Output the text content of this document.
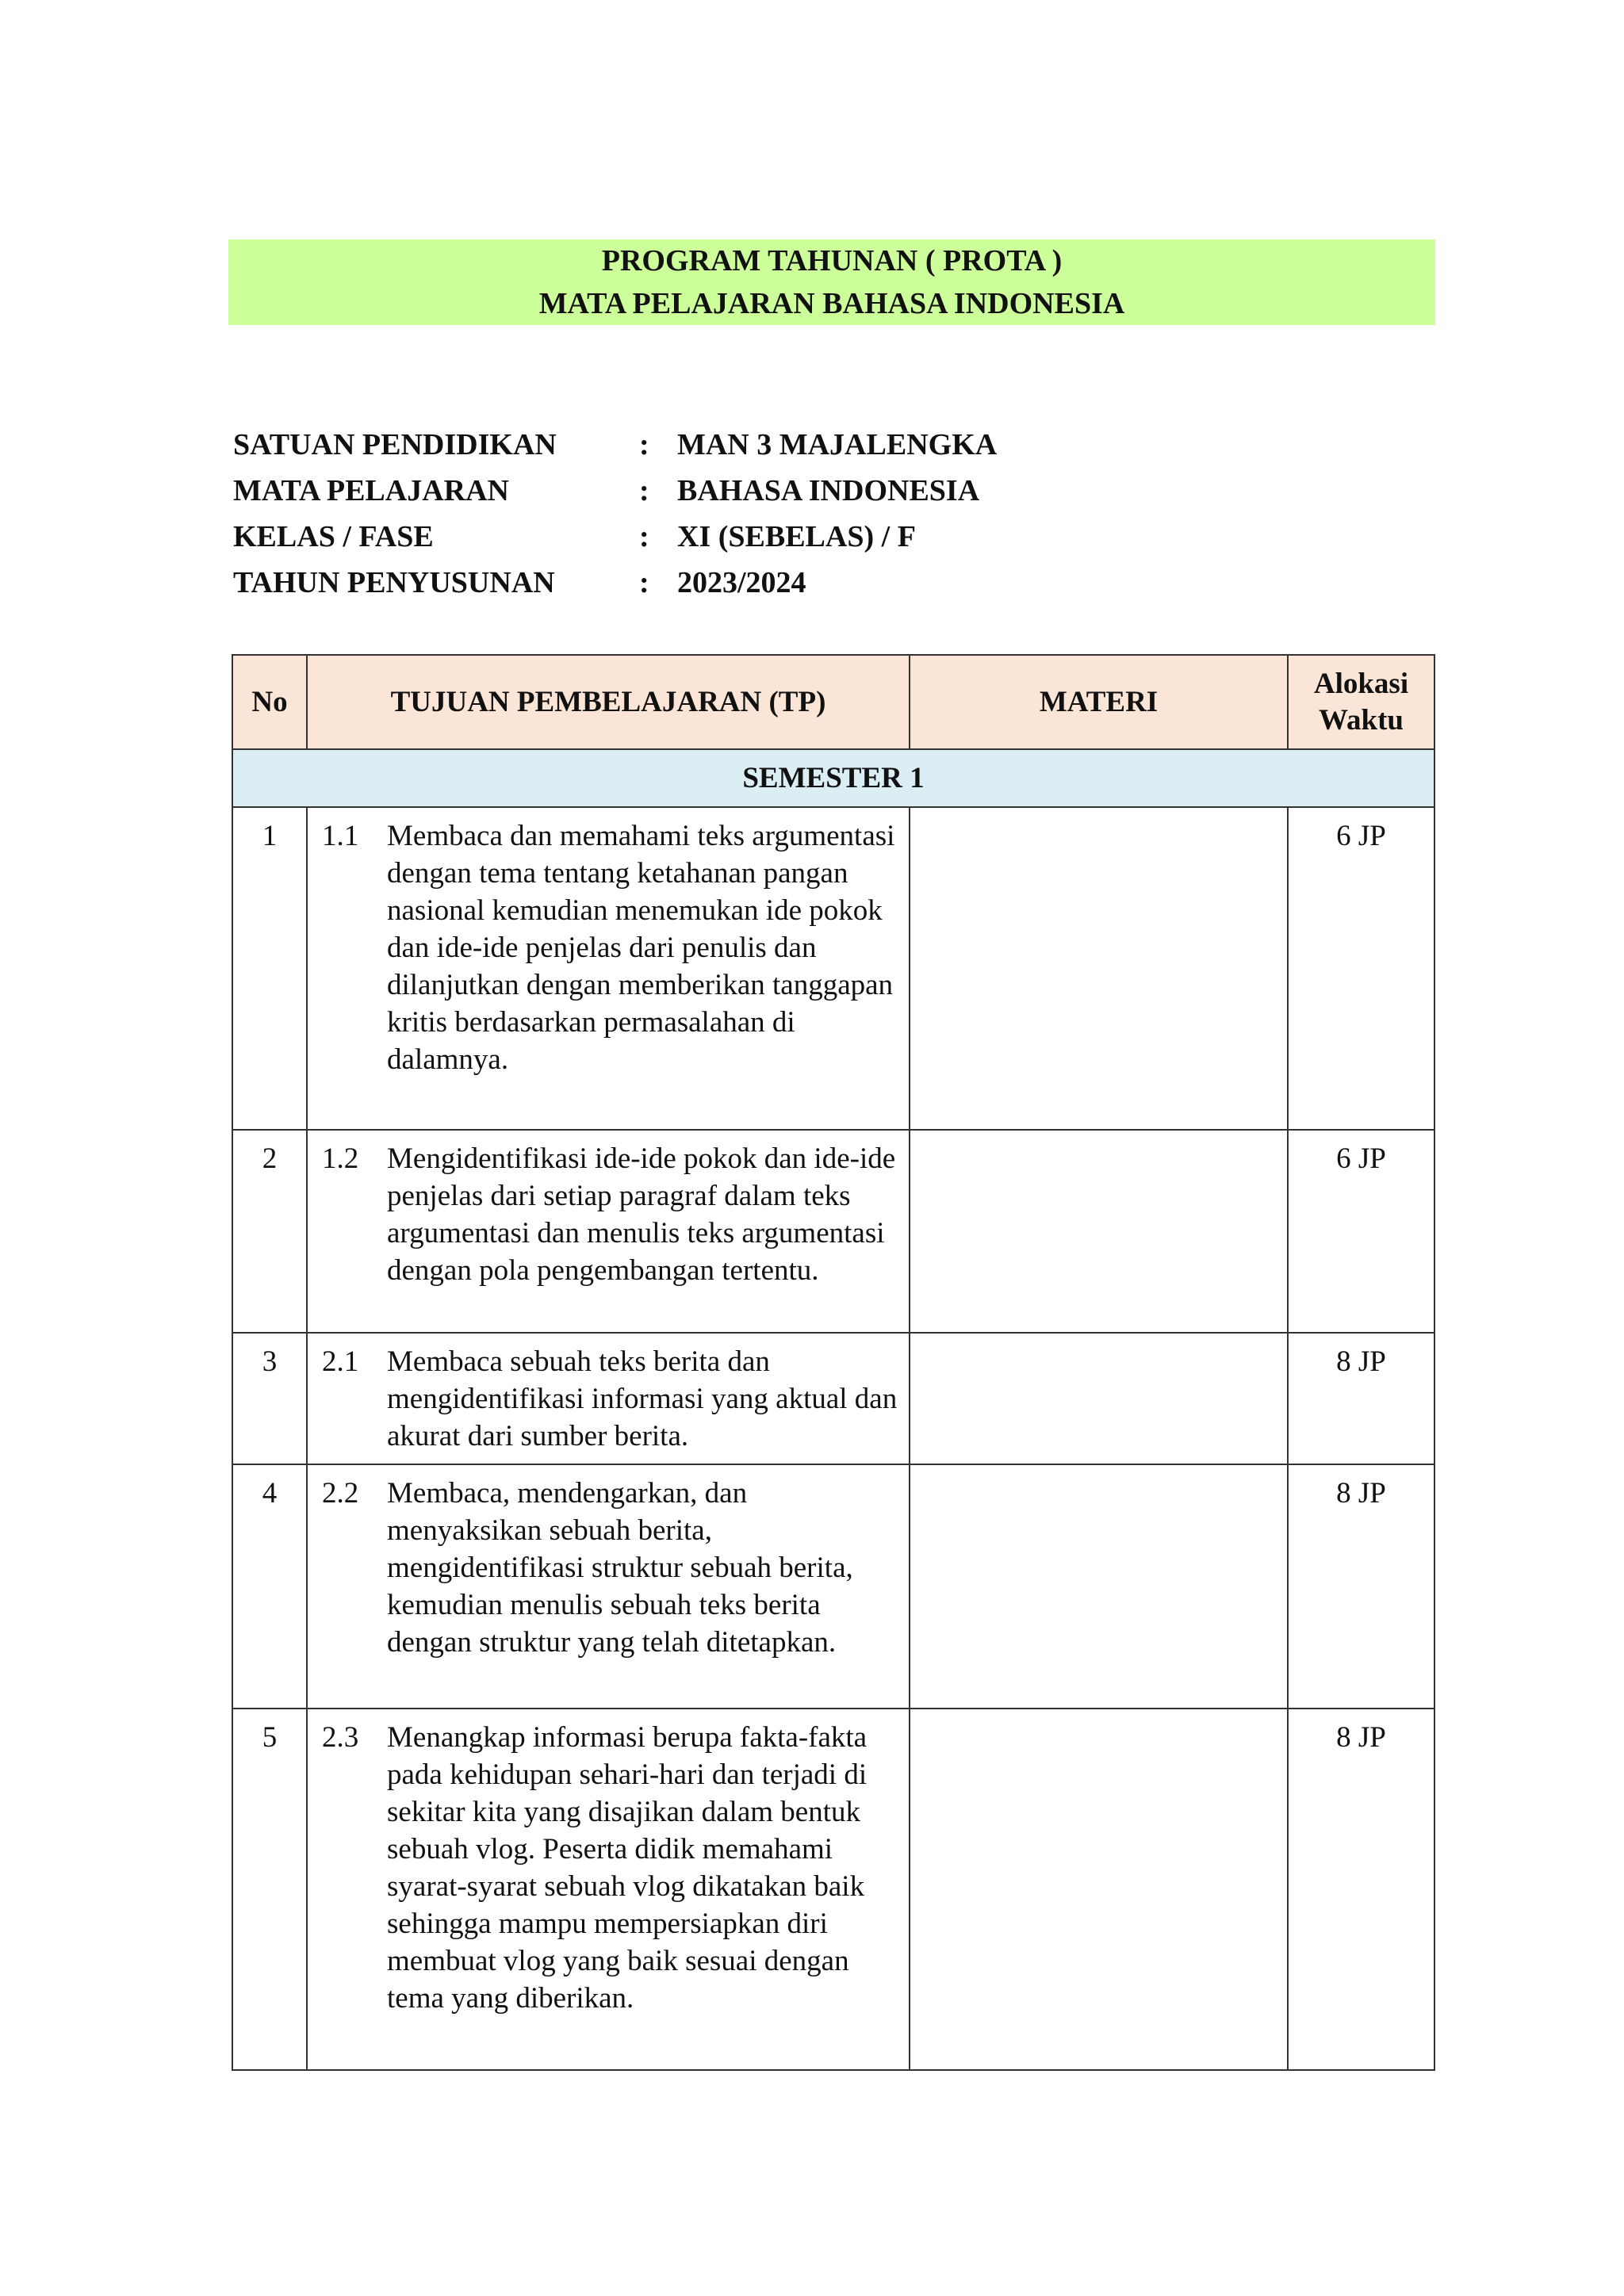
PROGRAM TAHUNAN ( PROTA )
MATA PELAJARAN BAHASA INDONESIA
SATUAN PENDIDIKAN	: MAN 3 MAJALENGKA
MATA PELAJARAN	: BAHASA INDONESIA
KELAS / FASE	: XI (SEBELAS) / F
TAHUN PENYUSUNAN	: 2023/2024
No	TUJUAN PEMBELAJARAN (TP)	MATERI	Alokasi
Waktu

SEMESTER 1			
1	1.1 Membaca dan memahami teks argumentasi dengan tema tentang ketahanan pangan nasional kemudian menemukan ide pokok dan ide-ide penjelas dari penulis dan dilanjutkan dengan memberikan tanggapan kritis berdasarkan permasalahan di dalamnya.		6 JP
2	1.2 Mengidentifikasi ide-ide pokok dan ide-ide penjelas dari setiap paragraf dalam teks argumentasi dan menulis teks argumentasi dengan pola pengembangan tertentu.		6 JP
3	2.1 Membaca sebuah teks berita dan mengidentifikasi informasi yang aktual dan akurat dari sumber berita.		8 JP
4	2.2 Membaca, mendengarkan, dan menyaksikan sebuah berita, mengidentifikasi struktur sebuah berita, kemudian menulis sebuah teks berita dengan struktur yang telah ditetapkan.		8 JP
5	2.3 Menangkap informasi berupa fakta-fakta pada kehidupan sehari-hari dan terjadi di sekitar kita yang disajikan dalam bentuk sebuah vlog. Peserta didik memahami syarat-syarat sebuah vlog dikatakan baik sehingga mampu mempersiapkan diri membuat vlog yang baik sesuai dengan tema yang diberikan.		8 JP
